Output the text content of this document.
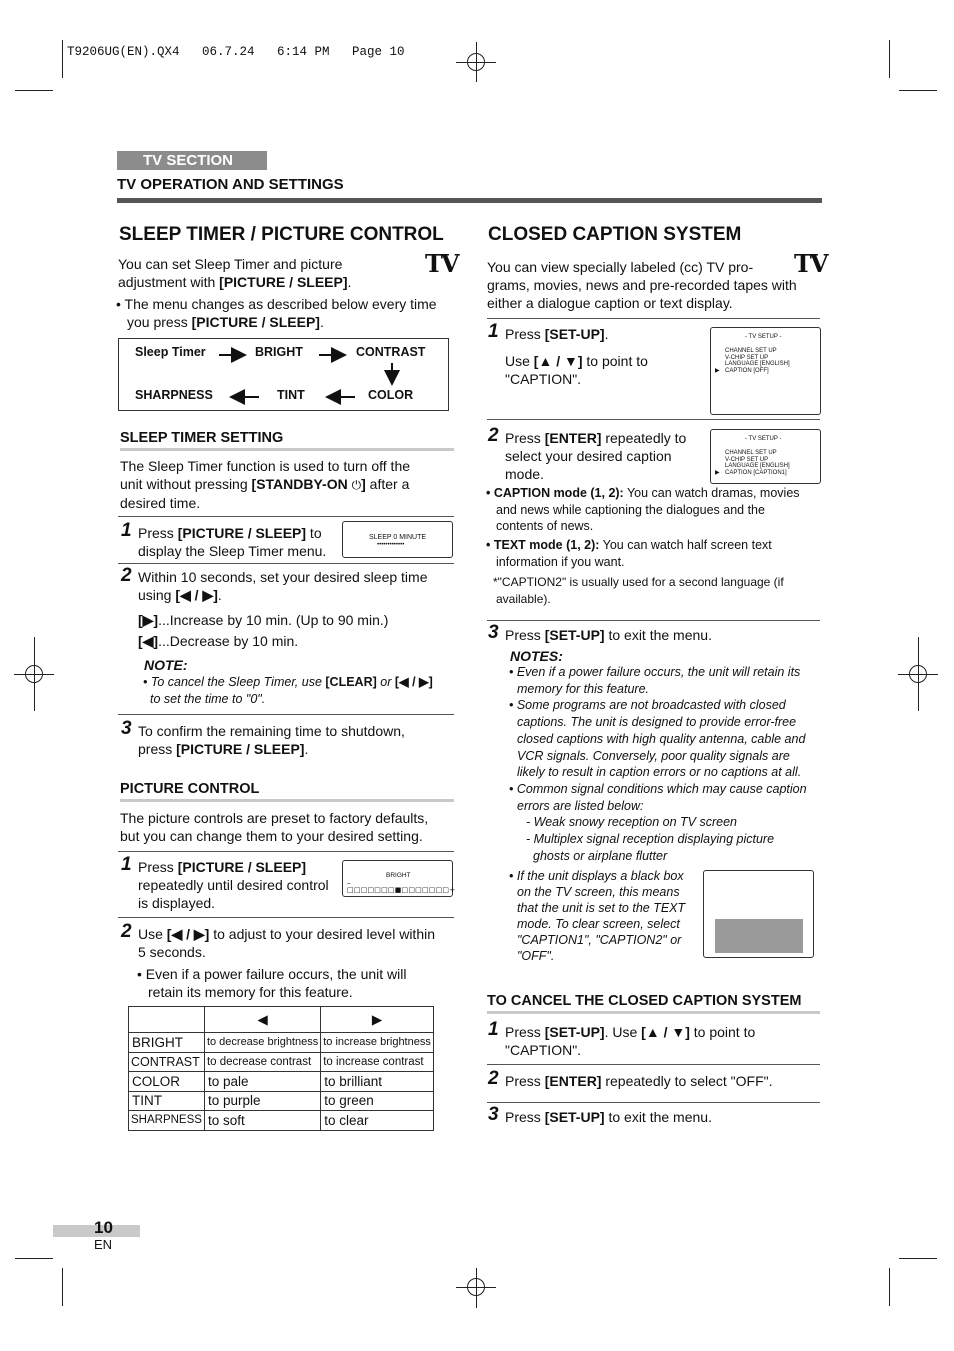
T9206UG(EN).QX4   06.7.24   6:14 PM   Page 10
TV SECTION
TV OPERATION AND SETTINGS
SLEEP TIMER / PICTURE CONTROL
TV
You can set Sleep Timer and picture
adjustment with [PICTURE / SLEEP].
• The menu changes as described below every time
you press [PICTURE / SLEEP].
Sleep Timer	BRIGHT	CONTRAST
SHARPNESS	TINT	COLOR
SLEEP TIMER SETTING
The Sleep Timer function is used to turn off the
unit without pressing [STANDBY-ON ⏻] after a
desired time.
1 Press [PICTURE / SLEEP] to
display the Sleep Timer menu.
SLEEP 0 MINUTE
•••••••••••••
2 Within 10 seconds, set your desired sleep time
using [◀ / ▶].
[▶]...Increase by 10 min. (Up to 90 min.)
[◀]...Decrease by 10 min.
NOTE:
• To cancel the Sleep Timer, use [CLEAR] or [◀ / ▶]
to set the time to "0".
3 To confirm the remaining time to shutdown,
press [PICTURE / SLEEP].
PICTURE CONTROL
The picture controls are preset to factory defaults,
but you can change them to your desired setting.
1 Press [PICTURE / SLEEP]
repeatedly until desired control
is displayed.
BRIGHT
–□□□□□□□■□□□□□□□+
2 Use [◀ / ▶] to adjust to your desired level within
5 seconds.
• Even if a power failure occurs, the unit will
retain its memory for this feature.
	◀	▶
BRIGHT	to decrease brightness	to increase brightness
CONTRAST	to decrease contrast	to increase contrast
COLOR	to pale	to brilliant
TINT	to purple	to green
SHARPNESS	to soft	to clear
CLOSED CAPTION SYSTEM
TV
You can view specially labeled (cc) TV pro-
grams, movies, news and pre-recorded tapes with
either a dialogue caption or text display.
1 Press [SET-UP].
Use [▲ / ▼] to point to
"CAPTION".
- TV SETUP -
CHANNEL SET UP
V-CHIP SET UP
LANGUAGE [ENGLISH]
CAPTION [OFF]
▶
2 Press [ENTER] repeatedly to
select your desired caption
mode.
- TV SETUP -
CHANNEL SET UP
V-CHIP SET UP
LANGUAGE [ENGLISH]
CAPTION [CAPTION1]
▶
• CAPTION mode (1, 2): You can watch dramas, movies
and news while captioning the dialogues and the
contents of news.
• TEXT mode (1, 2): You can watch half screen text
information if you want.
*"CAPTION2" is usually used for a second language (if
available).
3 Press [SET-UP] to exit the menu.
NOTES:
• Even if a power failure occurs, the unit will retain its
memory for this feature.
• Some programs are not broadcasted with closed
captions. The unit is designed to provide error-free
closed captions with high quality antenna, cable and
VCR signals. Conversely, poor quality signals are
likely to result in caption errors or no captions at all.
• Common signal conditions which may cause caption
errors are listed below:
- Weak snowy reception on TV screen
- Multiplex signal reception displaying picture
ghosts or airplane flutter
• If the unit displays a black box
on the TV screen, this means
that the unit is set to the TEXT
mode. To clear screen, select
"CAPTION1", "CAPTION2" or
"OFF".
TO CANCEL THE CLOSED CAPTION SYSTEM
1 Press [SET-UP]. Use [▲ / ▼] to point to
"CAPTION".
2 Press [ENTER] repeatedly to select "OFF".
3 Press [SET-UP] to exit the menu.
10
EN
